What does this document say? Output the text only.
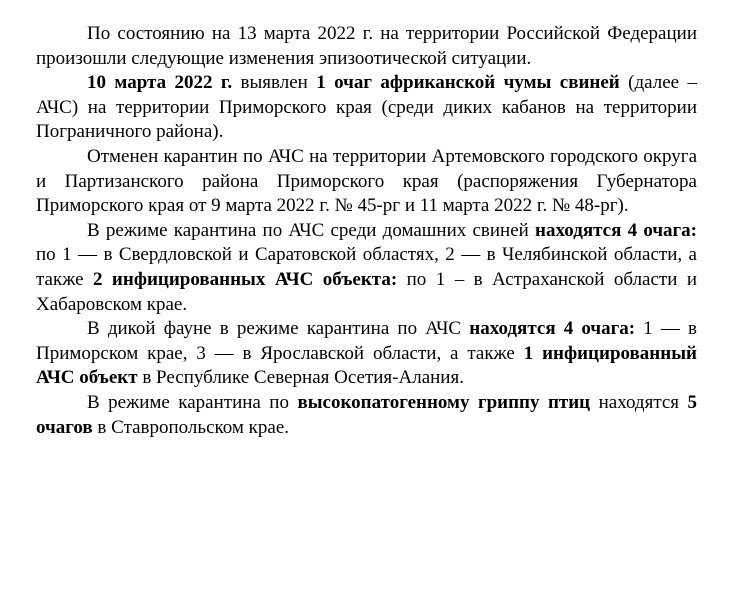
По состоянию на 13 марта 2022 г. на территории Российской Федерации произошли следующие изменения эпизоотической ситуации.

10 марта 2022 г. выявлен 1 очаг африканской чумы свиней (далее – АЧС) на территории Приморского края (среди диких кабанов на территории Пограничного района).

Отменен карантин по АЧС на территории Артемовского городского округа и Партизанского района Приморского края (распоряжения Губернатора Приморского края от 9 марта 2022 г. № 45-рг и 11 марта 2022 г. № 48-рг).

В режиме карантина по АЧС среди домашних свиней находятся 4 очага: по 1 — в Свердловской и Саратовской областях, 2 — в Челябинской области, а также 2 инфицированных АЧС объекта: по 1 – в Астраханской области и Хабаровском крае.

В дикой фауне в режиме карантина по АЧС находятся 4 очага: 1 — в Приморском крае, 3 — в Ярославской области, а также 1 инфицированный АЧС объект в Республике Северная Осетия-Алания.

В режиме карантина по высокопатогенному гриппу птиц находятся 5 очагов в Ставропольском крае.
